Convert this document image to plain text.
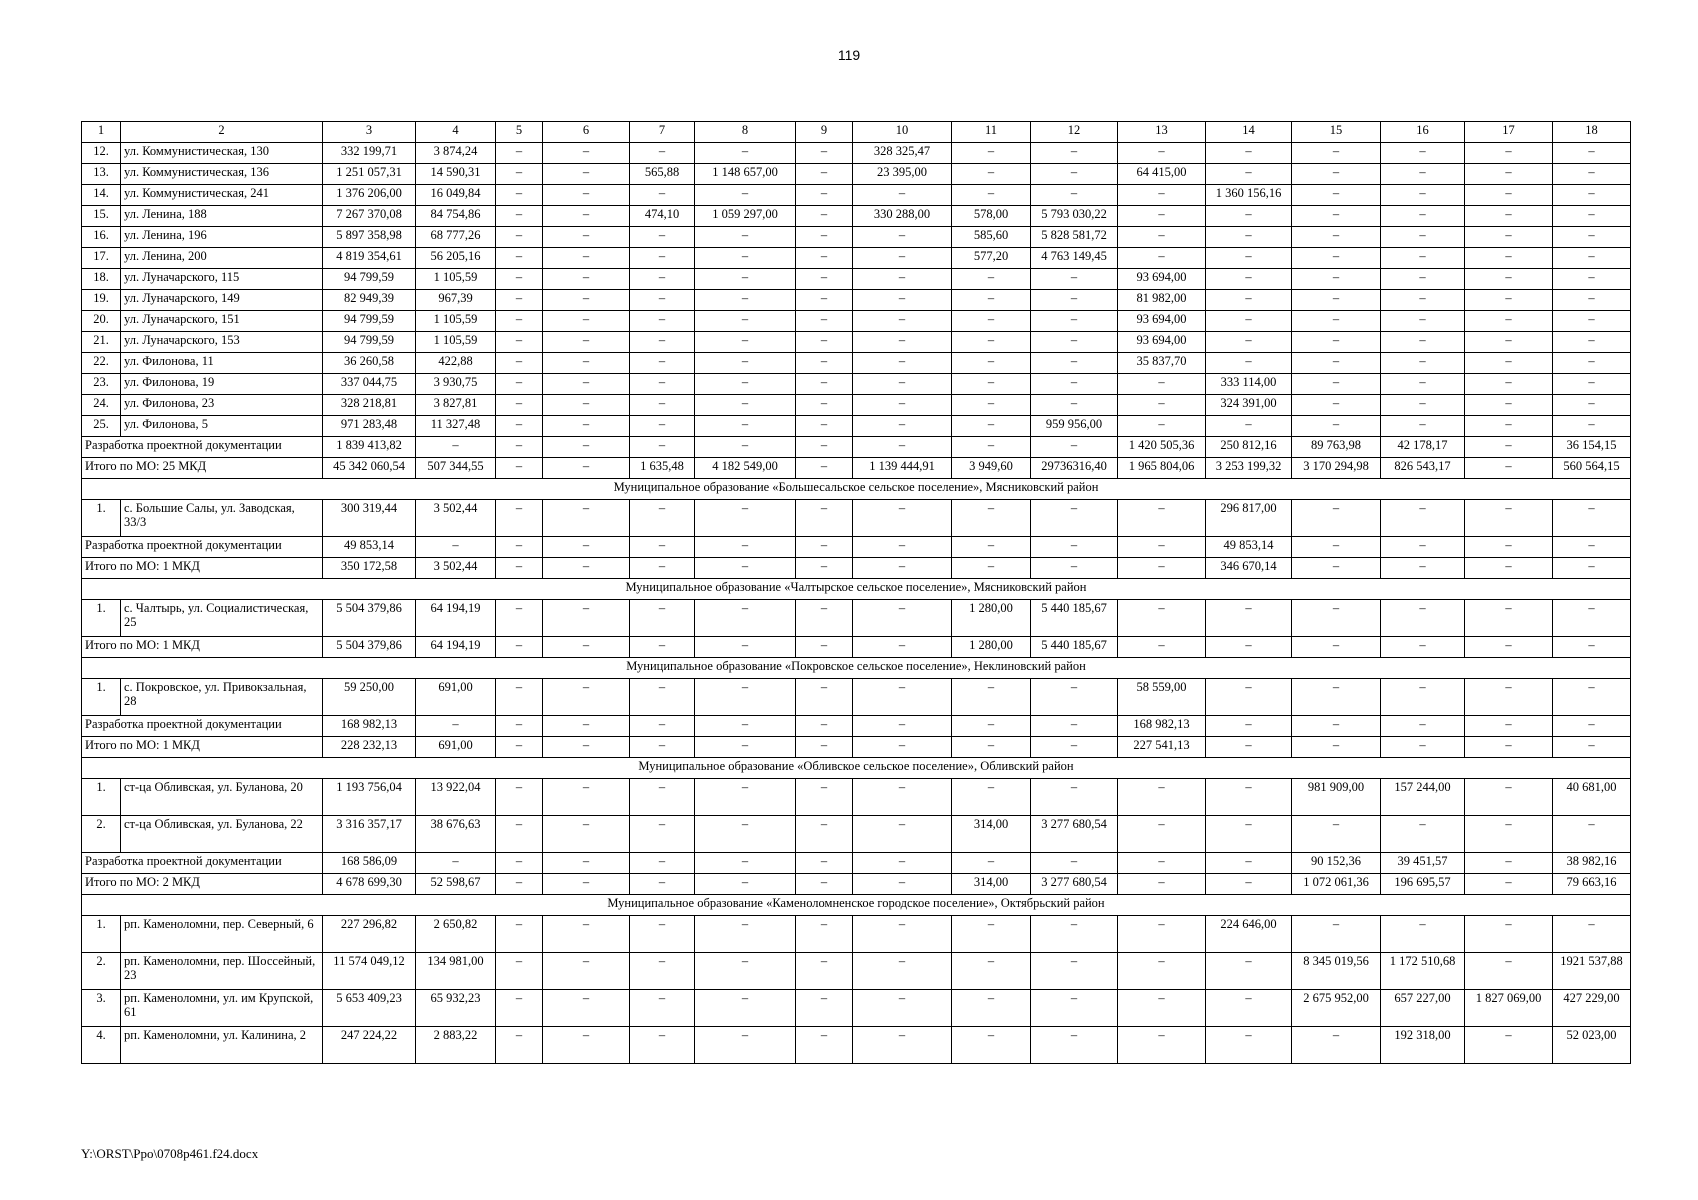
119
1	2	3	4	5	6	7	8	9	10	11	12	13	14	15	16	17	18
12.	ул. Коммунистическая, 130	332 199,71	3 874,24	–	–	–	–	–	328 325,47	–	–	–	–	–	–	–	–
13.	ул. Коммунистическая, 136	1 251 057,31	14 590,31	–	–	565,88	1 148 657,00	–	23 395,00	–	–	64 415,00	–	–	–	–	–
14.	ул. Коммунистическая, 241	1 376 206,00	16 049,84	–	–	–	–	–	–	–	–	–	1 360 156,16	–	–	–	–
15.	ул. Ленина, 188	7 267 370,08	84 754,86	–	–	474,10	1 059 297,00	–	330 288,00	578,00	5 793 030,22	–	–	–	–	–	–
16.	ул. Ленина, 196	5 897 358,98	68 777,26	–	–	–	–	–	–	585,60	5 828 581,72	–	–	–	–	–	–
17.	ул. Ленина, 200	4 819 354,61	56 205,16	–	–	–	–	–	–	577,20	4 763 149,45	–	–	–	–	–	–
18.	ул. Луначарского, 115	94 799,59	1 105,59	–	–	–	–	–	–	–	–	93 694,00	–	–	–	–	–
19.	ул. Луначарского, 149	82 949,39	967,39	–	–	–	–	–	–	–	–	81 982,00	–	–	–	–	–
20.	ул. Луначарского, 151	94 799,59	1 105,59	–	–	–	–	–	–	–	–	93 694,00	–	–	–	–	–
21.	ул. Луначарского, 153	94 799,59	1 105,59	–	–	–	–	–	–	–	–	93 694,00	–	–	–	–	–
22.	ул. Филонова, 11	36 260,58	422,88	–	–	–	–	–	–	–	–	35 837,70	–	–	–	–	–
23.	ул. Филонова, 19	337 044,75	3 930,75	–	–	–	–	–	–	–	–	–	333 114,00	–	–	–	–
24.	ул. Филонова, 23	328 218,81	3 827,81	–	–	–	–	–	–	–	–	–	324 391,00	–	–	–	–
25.	ул. Филонова, 5	971 283,48	11 327,48	–	–	–	–	–	–	–	959 956,00	–	–	–	–	–	–
Разработка проектной документации		1 839 413,82	–	–	–	–	–	–	–	–	–	1 420 505,36	250 812,16	89 763,98	42 178,17	–	36 154,15
Итого по МО: 25 МКД		45 342 060,54	507 344,55	–	–	1 635,48	4 182 549,00	–	1 139 444,91	3 949,60	29736316,40	1 965 804,06	3 253 199,32	3 170 294,98	826 543,17	–	560 564,15
Муниципальное образование «Большесальское сельское поселение», Мясниковский район																	
1.	с. Большие Салы, ул. Заводская, 33/3	300 319,44	3 502,44	–	–	–	–	–	–	–	–	–	296 817,00	–	–	–	–
Разработка проектной документации		49 853,14	–	–	–	–	–	–	–	–	–	–	49 853,14	–	–	–	–
Итого по МО: 1 МКД		350 172,58	3 502,44	–	–	–	–	–	–	–	–	–	346 670,14	–	–	–	–
Муниципальное образование «Чалтырское сельское поселение», Мясниковский район																	
1.	с. Чалтырь, ул. Социалистическая, 25	5 504 379,86	64 194,19	–	–	–	–	–	–	1 280,00	5 440 185,67	–	–	–	–	–	–
Итого по МО: 1 МКД		5 504 379,86	64 194,19	–	–	–	–	–	–	1 280,00	5 440 185,67	–	–	–	–	–	–
Муниципальное образование «Покровское сельское поселение», Неклиновский район																	
1.	с. Покровское, ул. Привокзальная, 28	59 250,00	691,00	–	–	–	–	–	–	–	–	58 559,00	–	–	–	–	–
Разработка проектной документации		168 982,13	–	–	–	–	–	–	–	–	–	168 982,13	–	–	–	–	–
Итого по МО: 1 МКД		228 232,13	691,00	–	–	–	–	–	–	–	–	227 541,13	–	–	–	–	–
Муниципальное образование «Обливское сельское поселение», Обливский район																	
1.	ст-ца Обливская, ул. Буланова, 20	1 193 756,04	13 922,04	–	–	–	–	–	–	–	–	–	–	981 909,00	157 244,00	–	40 681,00
2.	ст-ца Обливская, ул. Буланова, 22	3 316 357,17	38 676,63	–	–	–	–	–	–	314,00	3 277 680,54	–	–	–	–	–	–
Разработка проектной документации		168 586,09	–	–	–	–	–	–	–	–	–	–	–	90 152,36	39 451,57	–	38 982,16
Итого по МО: 2 МКД		4 678 699,30	52 598,67	–	–	–	–	–	–	314,00	3 277 680,54	–	–	1 072 061,36	196 695,57	–	79 663,16
Муниципальное образование «Каменоломненское городское поселение», Октябрьский район																	
1.	рп. Каменоломни, пер. Северный, 6	227 296,82	2 650,82	–	–	–	–	–	–	–	–	–	224 646,00	–	–	–	–
2.	рп. Каменоломни, пер. Шоссейный, 23	11 574 049,12	134 981,00	–	–	–	–	–	–	–	–	–	–	8 345 019,56	1 172 510,68	–	1921 537,88
3.	рп. Каменоломни, ул. им Крупской, 61	5 653 409,23	65 932,23	–	–	–	–	–	–	–	–	–	–	2 675 952,00	657 227,00	1 827 069,00	427 229,00
4.	рп. Каменоломни, ул. Калинина, 2	247 224,22	2 883,22	–	–	–	–	–	–	–	–	–	–	–	192 318,00	–	52 023,00
Y:\ORST\Ppo\0708p461.f24.docx
